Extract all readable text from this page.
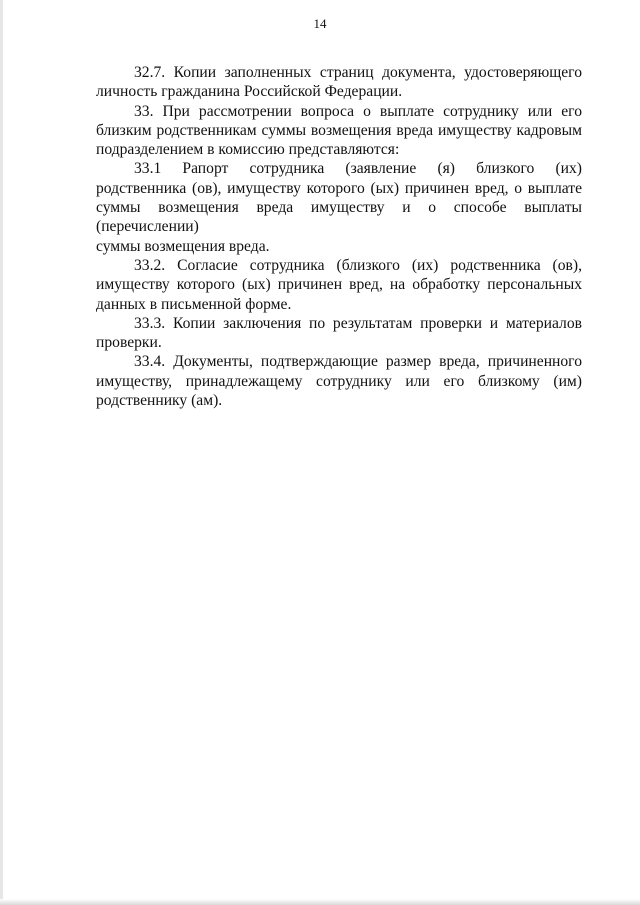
14
32.7. Копии заполненных страниц документа, удостоверяющего
личность гражданина Российской Федерации.
33. При рассмотрении вопроса о выплате сотруднику или его
близким родственникам суммы возмещения вреда имуществу кадровым
подразделением в комиссию представляются:
33.1 Рапорт сотрудника (заявление (я) близкого (их)
родственника (ов), имуществу которого (ых) причинен вред, о выплате
суммы возмещения вреда имуществу и о способе выплаты (перечислении)
суммы возмещения вреда.
33.2. Согласие сотрудника (близкого (их) родственника (ов),
имуществу которого (ых) причинен вред, на обработку персональных
данных в письменной форме.
33.3. Копии заключения по результатам проверки и материалов
проверки.
33.4. Документы, подтверждающие размер вреда, причиненного
имуществу, принадлежащему сотруднику или его близкому (им)
родственнику (ам).
